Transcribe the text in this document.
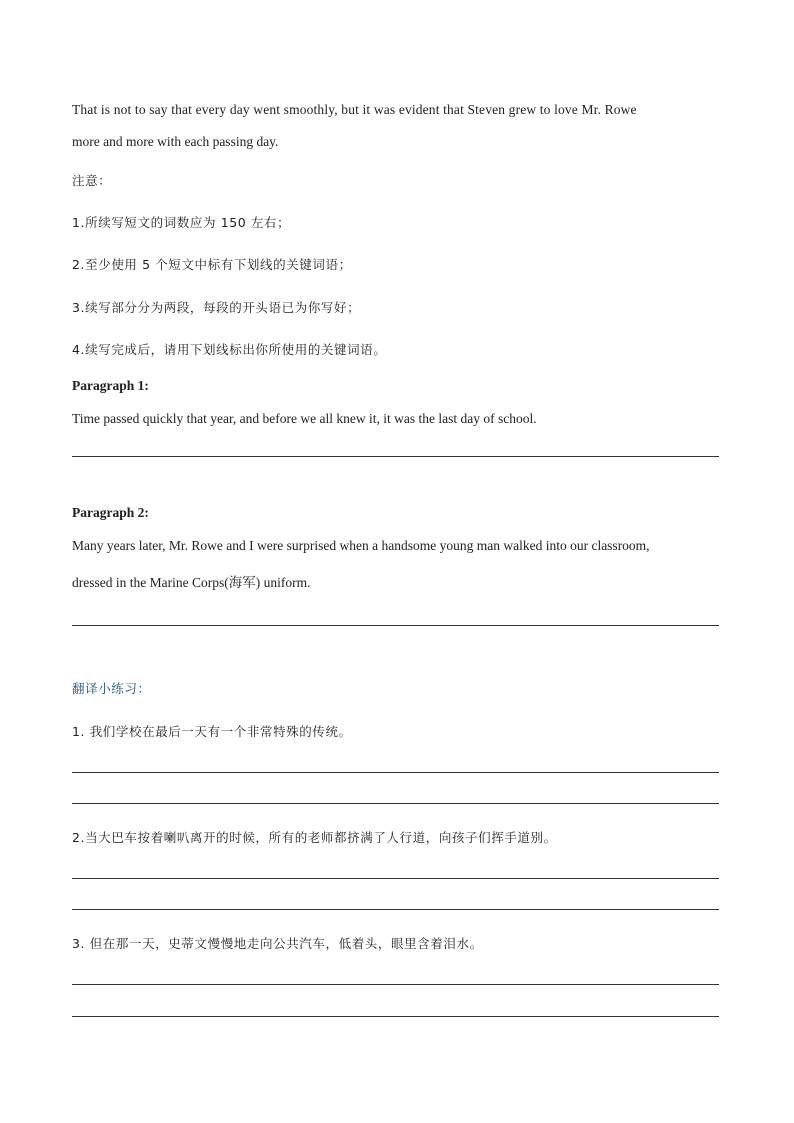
That is not to say that every day went smoothly, but it was evident that Steven grew to love Mr. Rowe
more and more with each passing day.
注意：
1.所续写短文的词数应为 150 左右；
2.至少使用 5 个短文中标有下划线的关键词语；
3.续写部分分为两段，每段的开头语已为你写好；
4.续写完成后，请用下划线标出你所使用的关键词语。
Paragraph 1:
Time passed quickly that year, and before we all knew it, it was the last day of school.
Paragraph 2:
Many years later, Mr. Rowe and I were surprised when a handsome young man walked into our classroom,
dressed in the Marine Corps(海军) uniform.
翻译小练习：
1. 我们学校在最后一天有一个非常特殊的传统。
2.当大巴车按着喇叭离开的时候，所有的老师都挤满了人行道，向孩子们挥手道别。
3. 但在那一天，史蒂文慢慢地走向公共汽车，低着头，眼里含着泪水。
